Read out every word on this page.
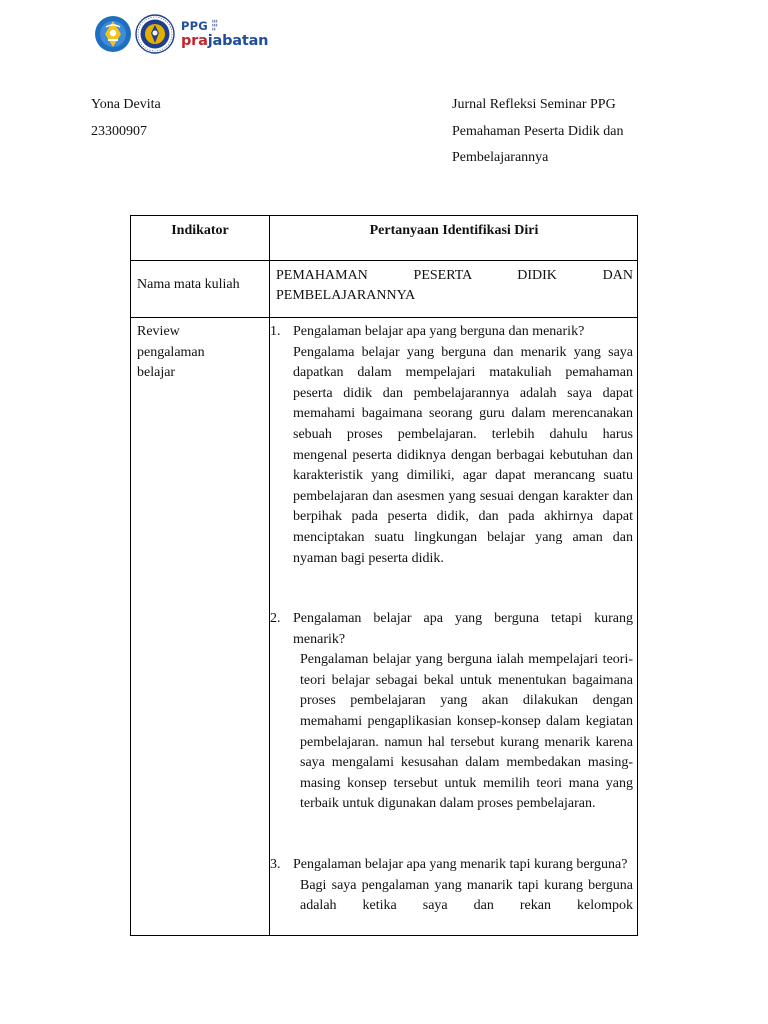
PPG ▮▮▮
▮▮▮
▮▮
prajabatan
Yona Devita
23300907
Jurnal Refleksi Seminar PPG
Pemahaman Peserta Didik dan
Pembelajarannya
Indikator	Pertanyaan Identifikasi Diri
Nama mata kuliah
PEMAHAMAN PESERTA DIDIK DAN
PEMBELAJARANNYA
Review pengalaman belajar
1. Pengalaman belajar apa yang berguna dan menarik?
Pengalama belajar yang berguna dan menarik yang saya dapatkan dalam mempelajari matakuliah pemahaman peserta didik dan pembelajarannya adalah saya dapat memahami bagaimana seorang guru dalam merencanakan sebuah proses pembelajaran. terlebih dahulu harus mengenal peserta didiknya dengan berbagai kebutuhan dan karakteristik yang dimiliki, agar dapat merancang suatu pembelajaran dan asesmen yang sesuai dengan karakter dan berpihak pada peserta didik, dan pada akhirnya dapat menciptakan suatu lingkungan belajar yang aman dan nyaman bagi peserta didik.
2. Pengalaman belajar apa yang berguna tetapi kurang menarik?
Pengalaman belajar yang berguna ialah mempelajari teori-teori belajar sebagai bekal untuk menentukan bagaimana proses pembelajaran yang akan dilakukan dengan memahami pengaplikasian konsep-konsep dalam kegiatan pembelajaran. namun hal tersebut kurang menarik karena saya mengalami kesusahan dalam membedakan masing-masing konsep tersebut untuk memilih teori mana yang terbaik untuk digunakan dalam proses pembelajaran.
3. Pengalaman belajar apa yang menarik tapi kurang berguna?
Bagi saya pengalaman yang manarik tapi kurang berguna adalah ketika saya dan rekan kelompok
